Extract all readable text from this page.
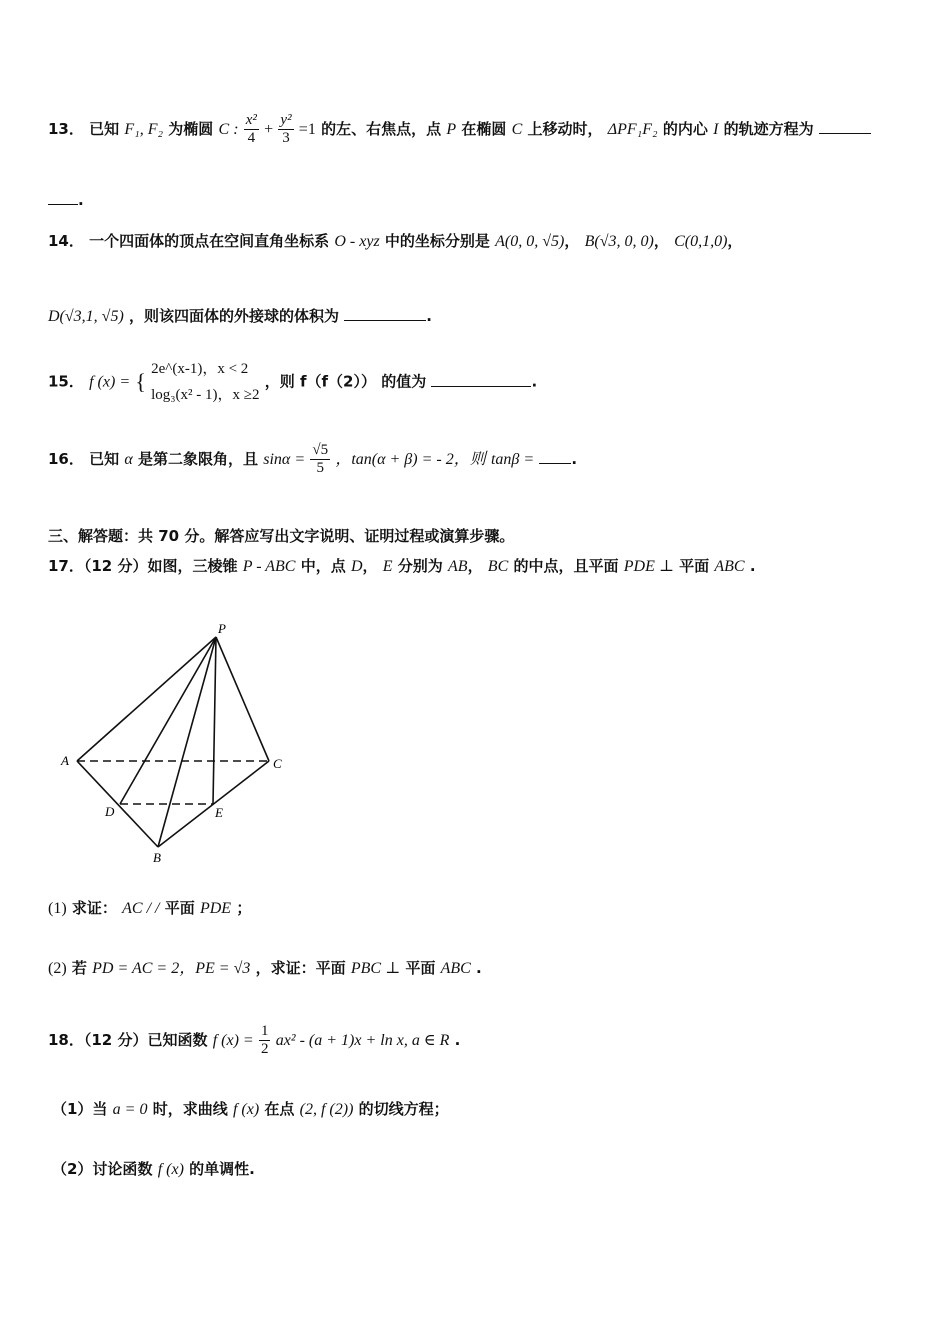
13． 已知 F₁, F₂ 为椭圆 C : $\frac{\text{x²}}{4} + \frac{\text{y²}}{3} =1$ 的左、右焦点，点 P 在椭圆 C 上移动时， ΔPF₁F₂ 的内心 I 的轨迹方程为
.
14． 一个四面体的顶点在空间直角坐标系 O - xyz 中的坐标分别是 A(0, 0, √5)， B(√3, 0, 0)， C(0,1,0)，
D(√3,1, √5) ，则该四面体的外接球的体积为	.
15． f (x) = { 2e^(x-1)，x < 2
log₃(x² - 1)，x ≥2
，则 f（f（2）） 的值为	.
16． 已知 α 是第二象限角，且 $\sin\alpha = \frac{√5}{5}$ ，tan(α + β) = - 2，则 tanβ = .
三、解答题：共 70 分。解答应写出文字说明、证明过程或演算步骤。
17．（12 分）如图，三棱锥 P - ABC 中，点 D， E 分别为 AB， BC 的中点，且平面 PDE ⊥ 平面 ABC .
P
A	C
D	E
B
(1) 求证： AC / / 平面 PDE ；
(2) 若 PD = AC = 2，PE = √3 ，求证：平面 PBC ⊥ 平面 ABC .
18．（12 分）已知函数 f $(x) = \frac{1}{2} ax^2 - (a + 1)x + \ln x$, a ∈ R .
（1）当 a = 0 时，求曲线 f (x) 在点 (2, f (2)) 的切线方程；
（2）讨论函数 f (x) 的单调性.
